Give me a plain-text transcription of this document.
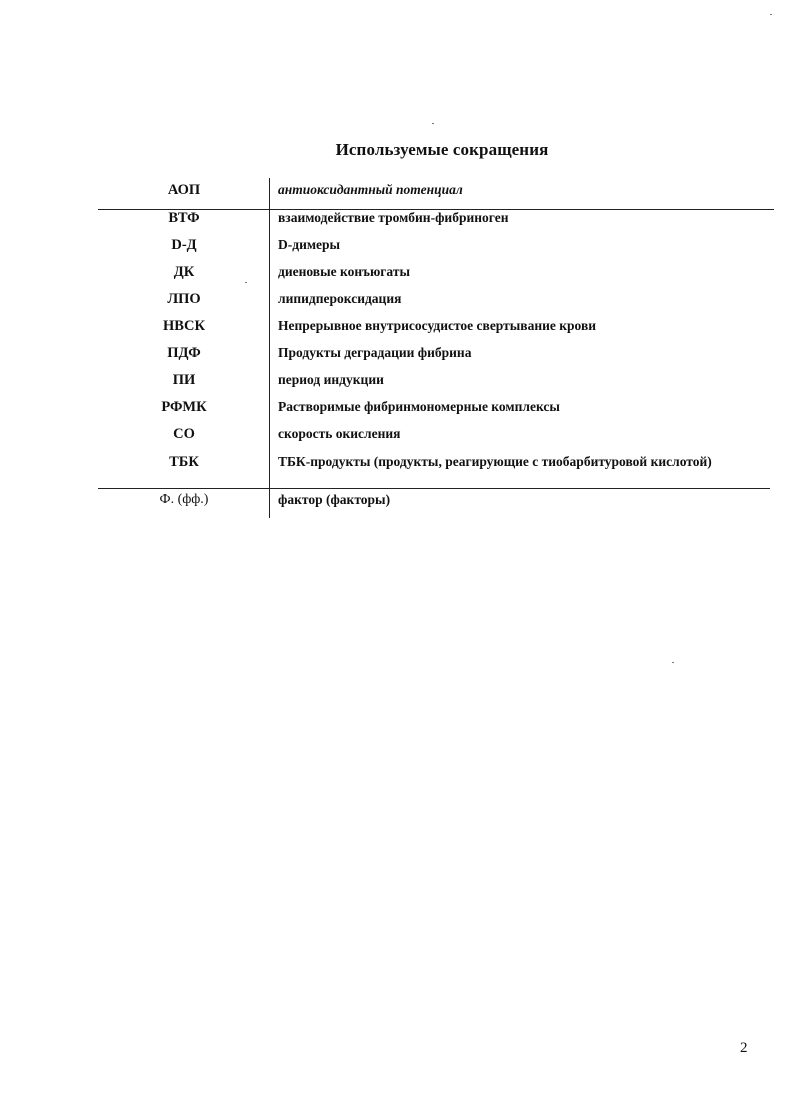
Используемые сокращения
АОП	антиоксидантный потенциал
ВТФ	взаимодействие тромбин-фибриноген
D-Д	D-димеры
ДК	диеновые конъюгаты
ЛПО	липидпероксидация
НВСК	Непрерывное внутрисосудистое свертывание крови
ПДФ	Продукты деградации фибрина
ПИ	период индукции
РФМК	Растворимые фибринмономерные комплексы
СО	скорость окисления
ТБК	ТБК-продукты (продукты, реагирующие с тиобарбитуровой кислотой)
Ф. (фф.)	фактор (факторы)
2
